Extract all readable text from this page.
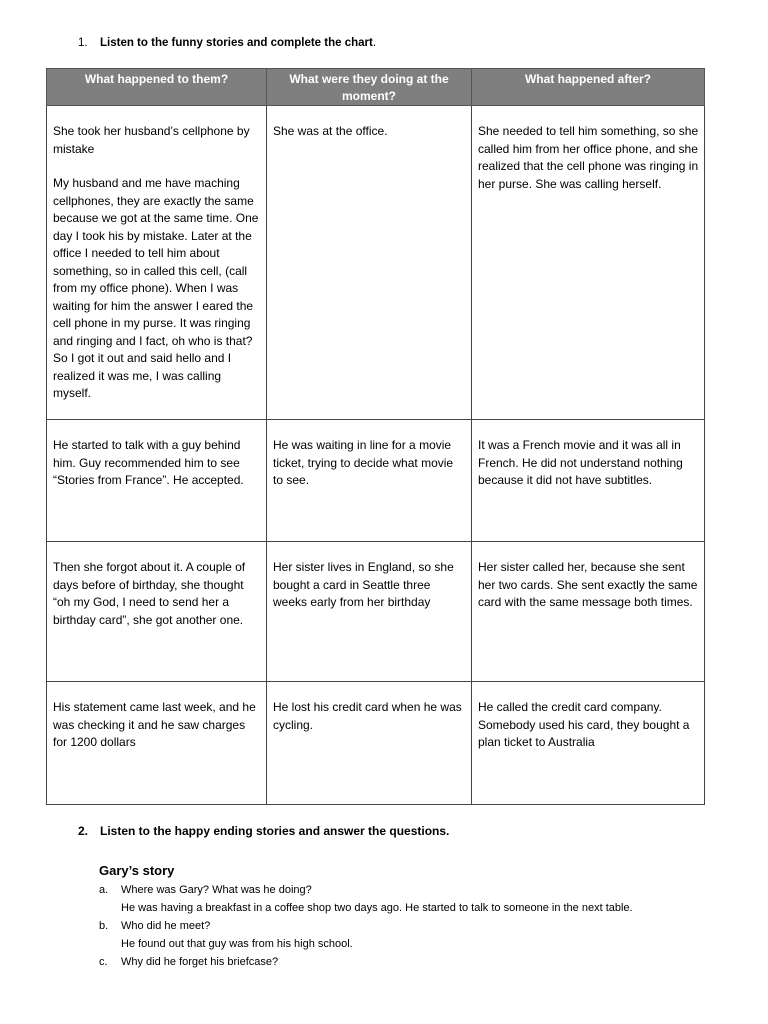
1. Listen to the funny stories and complete the chart.
What happened to them?	What were they doing at the moment?	What happened after?

She took her husband’s cellphone by mistake

My husband and me have maching cellphones, they are exactly the same because we got at the same time. One day I took his by mistake. Later at the office I needed to tell him about something, so in called this cell, (call from my office phone). When I was waiting for him the answer I eared the cell phone in my purse. It was ringing and ringing and I fact, oh who is that? So I got it out and said hello and I realized it was me, I was calling myself.	She was at the office.	She needed to tell him something, so she called him from her office phone, and she realized that the cell phone was ringing in her purse. She was calling herself.

He started to talk with a guy behind him. Guy recommended him to see “Stories from France”. He accepted.	He was waiting in line for a movie ticket, trying to decide what movie to see.	It was a French movie and it was all in French. He did not understand nothing because it did not have subtitles.

Then she forgot about it. A couple of days before of birthday, she thought “oh my God, I need to send her a birthday card”, she got another one.	Her sister lives in England, so she bought a card in Seattle three weeks early from her birthday	Her sister called her, because she sent her two cards. She sent exactly the same card with the same message both times.

His statement came last week, and he was checking it and he saw charges for 1200 dollars	He lost his credit card when he was cycling.	He called the credit card company. Somebody used his card, they bought a plan ticket to Australia

2. Listen to the happy ending stories and answer the questions.
Gary’s story
a. Where was Gary? What was he doing?
He was having a breakfast in a coffee shop two days ago. He started to talk to someone in the next table.
b. Who did he meet?
He found out that guy was from his high school.
c. Why did he forget his briefcase?
